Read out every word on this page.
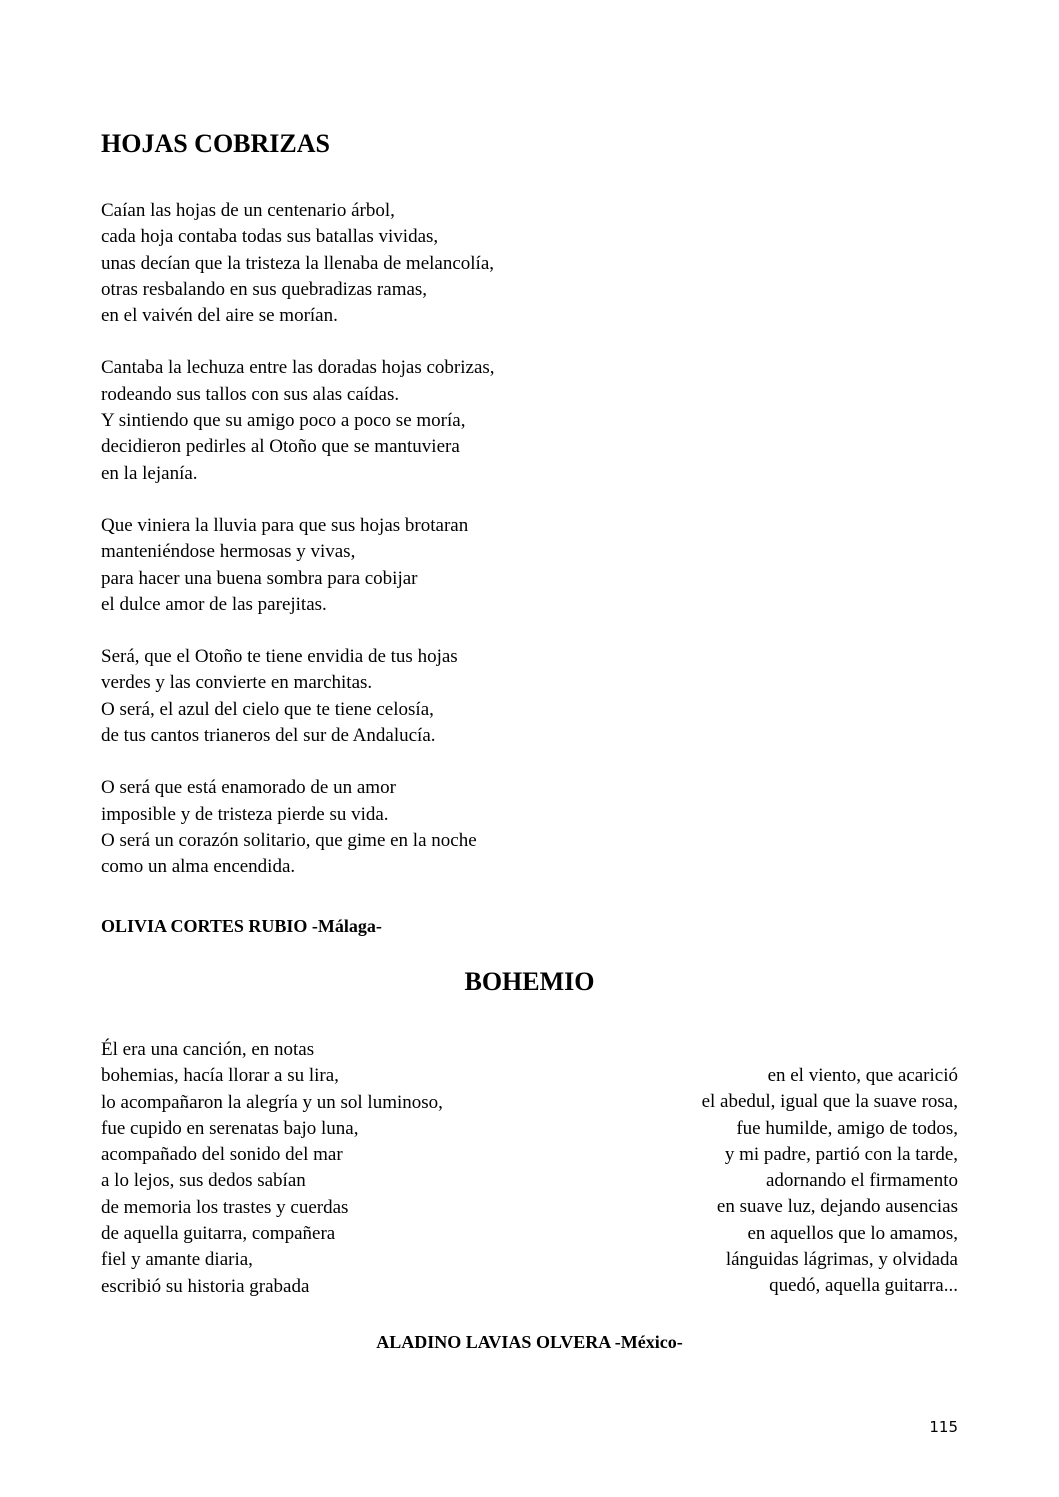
HOJAS COBRIZAS
Caían las hojas de un centenario árbol,
cada hoja contaba todas sus batallas vividas,
unas decían que la tristeza la llenaba de melancolía,
otras resbalando en sus quebradizas ramas,
en el vaivén del aire se morían.
Cantaba la lechuza entre las doradas hojas cobrizas,
rodeando sus tallos con sus alas caídas.
Y sintiendo que su amigo poco a poco se moría,
decidieron pedirles al Otoño que se mantuviera
en la lejanía.
Que viniera la lluvia para que sus hojas brotaran
manteniéndose hermosas y vivas,
para hacer una buena sombra para cobijar
el dulce amor de las parejitas.
Será, que el Otoño te tiene envidia de tus hojas
verdes y las convierte en marchitas.
O será, el azul del cielo que te tiene celosía,
de tus cantos trianeros del sur de Andalucía.
O será que está enamorado de un amor
imposible y de tristeza pierde su vida.
O será un corazón solitario, que gime en la noche
como un alma encendida.
OLIVIA CORTES RUBIO -Málaga-
BOHEMIO
Él era una canción, en notas
bohemias, hacía llorar a su lira,
lo acompañaron la alegría y un sol luminoso,
fue cupido en serenatas bajo luna,
acompañado del sonido del mar
a lo lejos, sus dedos sabían
de memoria los trastes y cuerdas
de aquella guitarra, compañera
fiel y amante diaria,
escribió su historia grabada
en el viento, que acarició
el abedul, igual que la suave rosa,
fue humilde, amigo de todos,
y mi padre, partió con la tarde,
adornando el firmamento
en suave luz, dejando ausencias
en aquellos que lo amamos,
lánguidas lágrimas, y olvidada
quedó, aquella guitarra...
ALADINO LAVIAS OLVERA -México-
115
